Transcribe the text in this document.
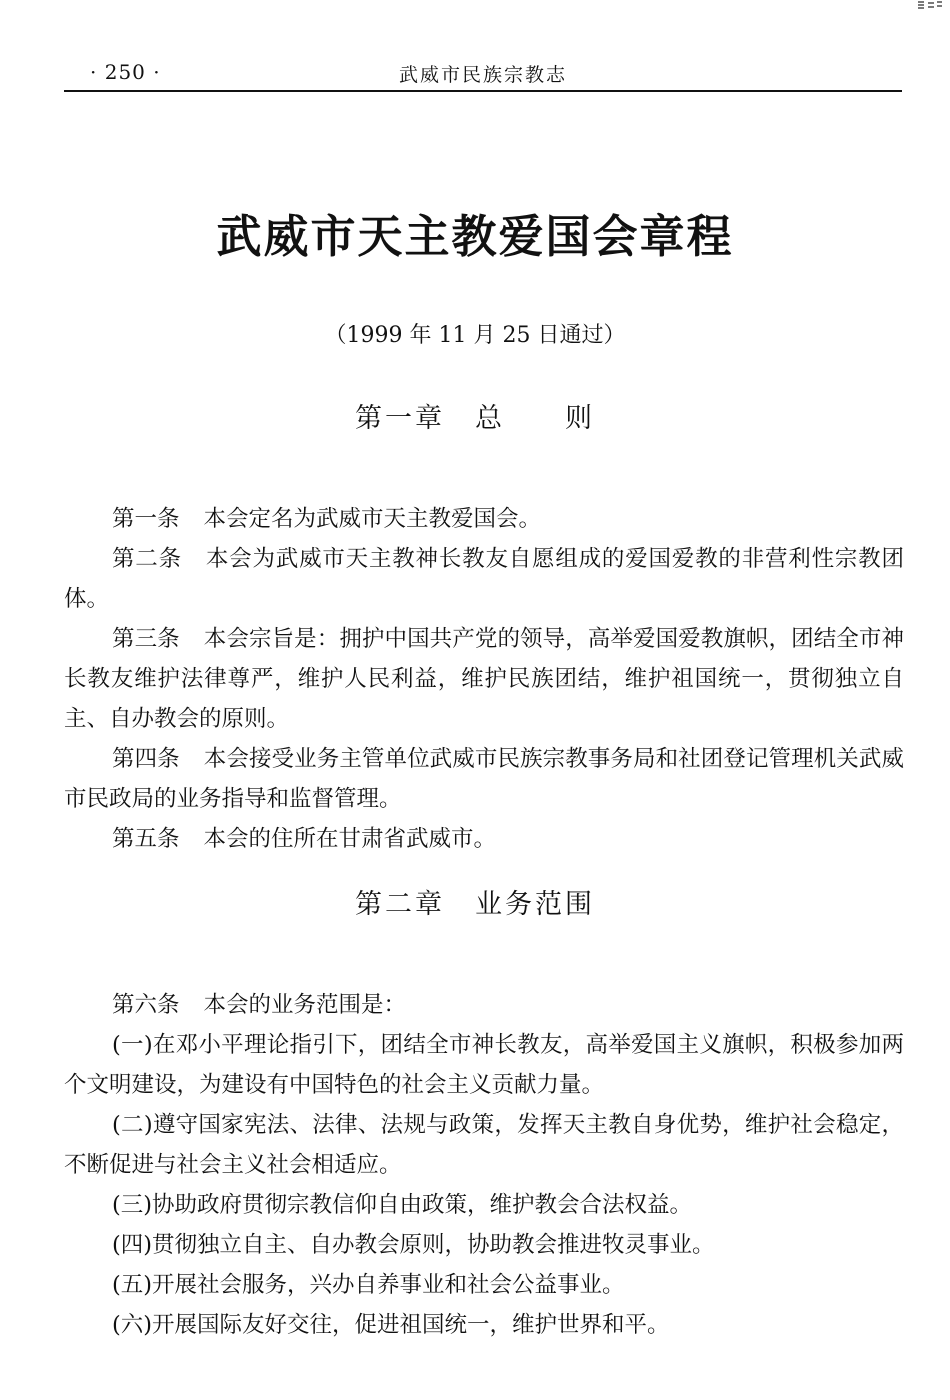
· 250 ·	武威市民族宗教志
武威市天主教爱国会章程
（1999 年 11 月 25 日通过）
第一章　总　　则

第一条 本会定名为武威市天主教爱国会。

第二条 本会为武威市天主教神长教友自愿组成的爱国爱教的非营利性宗教团体。

第三条 本会宗旨是：拥护中国共产党的领导，高举爱国爱教旗帜，团结全市神长教友维护法律尊严，维护人民利益，维护民族团结，维护祖国统一，贯彻独立自主、自办教会的原则。

第四条 本会接受业务主管单位武威市民族宗教事务局和社团登记管理机关武威市民政局的业务指导和监督管理。

第五条 本会的住所在甘肃省武威市。

第二章　业务范围

第六条 本会的业务范围是：

(一)在邓小平理论指引下，团结全市神长教友，高举爱国主义旗帜，积极参加两个文明建设，为建设有中国特色的社会主义贡献力量。

(二)遵守国家宪法、法律、法规与政策，发挥天主教自身优势，维护社会稳定，不断促进与社会主义社会相适应。

(三)协助政府贯彻宗教信仰自由政策，维护教会合法权益。

(四)贯彻独立自主、自办教会原则，协助教会推进牧灵事业。

(五)开展社会服务，兴办自养事业和社会公益事业。

(六)开展国际友好交往，促进祖国统一，维护世界和平。
